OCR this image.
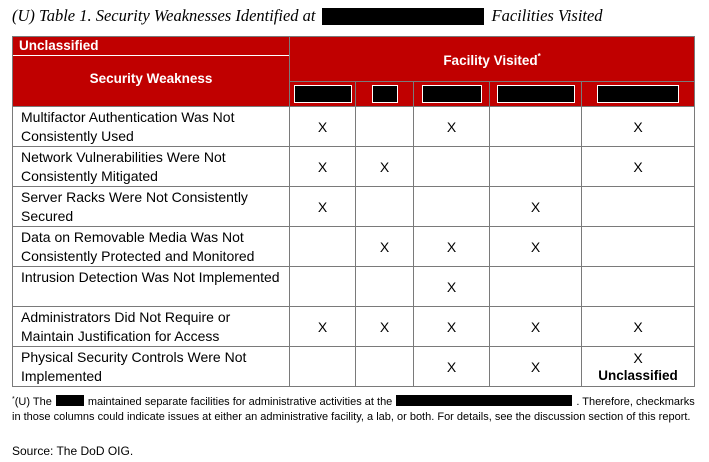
(U) Table 1. Security Weaknesses Identified at	Facilities Visited
Unclassified
Security Weakness	Facility Visited*

Multifactor Authentication Was Not Consistently Used	X		X		X
Network Vulnerabilities Were Not Consistently Mitigated	X	X			X
Server Racks Were Not Consistently Secured	X			X	
Data on Removable Media Was Not Consistently Protected and Monitored		X	X	X	
Intrusion Detection Was Not Implemented			X		
Administrators Did Not Require or Maintain Justification for Access	X	X	X	X	X
Physical Security Controls Were Not Implemented			X	X	X
Unclassified
*(U) The	maintained separate facilities for administrative activities at the	. Therefore, checkmarks in those columns could indicate issues at either an administrative facility, a lab, or both. For details, see the discussion section of this report.
Source: The DoD OIG.
